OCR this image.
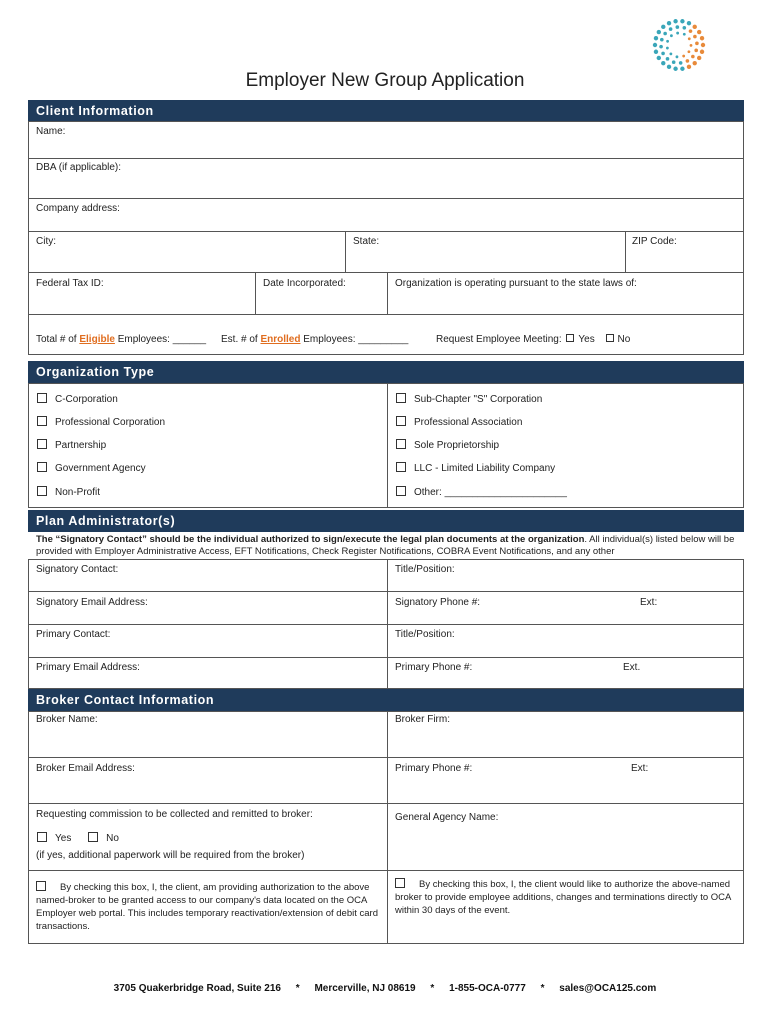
Employer New Group Application
Client Information
Name:
DBA (if applicable):
Company address:
City:	State:	ZIP Code:
Federal Tax ID:	Date Incorporated:	Organization is operating pursuant to the state laws of:
Total # of Eligible Employees: ______ Est. # of Enrolled Employees: _________	Request Employee Meeting: Yes No
Organization Type
C-Corporation
Professional Corporation
Partnership
Government Agency
Non-Profit
Sub-Chapter "S" Corporation
Professional Association
Sole Proprietorship
LLC - Limited Liability Company
Other: ______________________
Plan Administrator(s)
The “Signatory Contact” should be the individual authorized to sign/execute the legal plan documents at the organization. All individual(s) listed below will be provided with Employer Administrative Access, EFT Notifications, Check Register Notifications, COBRA Event Notifications, and any other
Signatory Contact:	Title/Position:
Signatory Email Address:	Signatory Phone #:	Ext:
Primary Contact:	Title/Position:
Primary Email Address:	Primary Phone #:	Ext.
Broker Contact Information
Broker Name:	Broker Firm:
Broker Email Address:	Primary Phone #:	Ext:
Requesting commission to be collected and remitted to broker:	General Agency Name:
Yes	No
(if yes, additional paperwork will be required from the broker)
By checking this box, I, the client, am providing authorization to the above named-broker to be granted access to our company's data located on the OCA Employer web portal. This includes temporary reactivation/extension of debit card transactions.
By checking this box, I, the client would like to authorize the above-named broker to provide employee additions, changes and terminations directly to OCA within 30 days of the event.
3705 Quakerbridge Road, Suite 216 * Mercerville, NJ 08619 * 1-855-OCA-0777 * sales@OCA125.com
